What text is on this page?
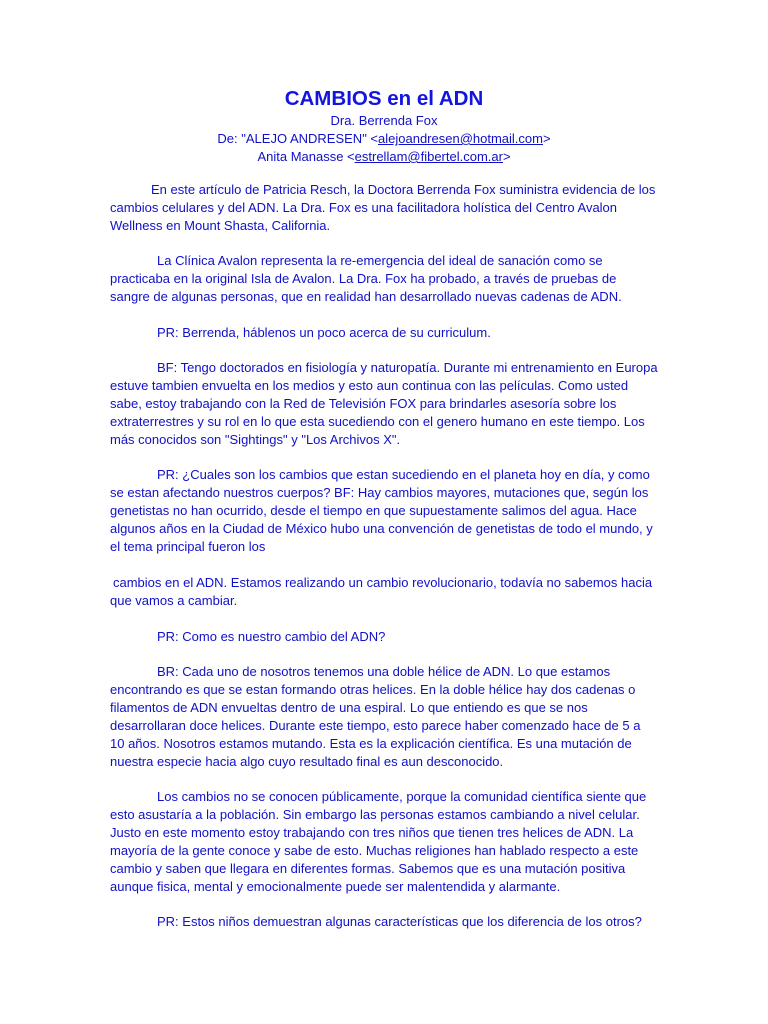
CAMBIOS en el ADN
Dra. Berrenda Fox
De: "ALEJO ANDRESEN" <alejoandresen@hotmail.com>
Anita Manasse <estrellam@fibertel.com.ar>

En este artículo de Patricia Resch, la Doctora Berrenda Fox suministra evidencia de los cambios celulares y del ADN. La Dra. Fox es una facilitadora holística del Centro Avalon Wellness en Mount Shasta, California.

La Clínica Avalon representa la re-emergencia del ideal de sanación como se practicaba en la original Isla de Avalon. La Dra. Fox ha probado, a través de pruebas de sangre de algunas personas, que en realidad han desarrollado nuevas cadenas de ADN.

PR: Berrenda, háblenos un poco acerca de su curriculum.

BF: Tengo doctorados en fisiología y naturopatía. Durante mi entrenamiento en Europa estuve tambien envuelta en los medios y esto aun continua con las películas. Como usted sabe, estoy trabajando con la Red de Televisión FOX para brindarles asesoría sobre los extraterrestres y su rol en lo que esta sucediendo con el genero humano en este tiempo. Los más conocidos son "Sightings" y "Los Archivos X".

PR: ¿Cuales son los cambios que estan sucediendo en el planeta hoy en día, y como se estan afectando nuestros cuerpos? BF: Hay cambios mayores, mutaciones que, según los genetistas no han ocurrido, desde el tiempo en que supuestamente salimos del agua. Hace algunos años en la Ciudad de México hubo una convención de genetistas de todo el mundo, y el tema principal fueron los

cambios en el ADN. Estamos realizando un cambio revolucionario, todavía no sabemos hacia que vamos a cambiar.

PR: Como es nuestro cambio del ADN?

BR: Cada uno de nosotros tenemos una doble hélice de ADN. Lo que estamos encontrando es que se estan formando otras helices. En la doble hélice hay dos cadenas o filamentos de ADN envueltas dentro de una espiral. Lo que entiendo es que se nos desarrollaran doce helices. Durante este tiempo, esto parece haber comenzado hace de 5 a 10 años. Nosotros estamos mutando. Esta es la explicación científica. Es una mutación de nuestra especie hacia algo cuyo resultado final es aun desconocido.

Los cambios no se conocen públicamente, porque la comunidad científica siente que esto asustaría a la población. Sin embargo las personas estamos cambiando a nivel celular. Justo en este momento estoy trabajando con tres niños que tienen tres helices de ADN. La mayoría de la gente conoce y sabe de esto. Muchas religiones han hablado respecto a este cambio y saben que llegara en diferentes formas. Sabemos que es una mutación positiva aunque fisica, mental y emocionalmente puede ser malentendida y alarmante.

PR: Estos niños demuestran algunas características que los diferencia de los otros?
